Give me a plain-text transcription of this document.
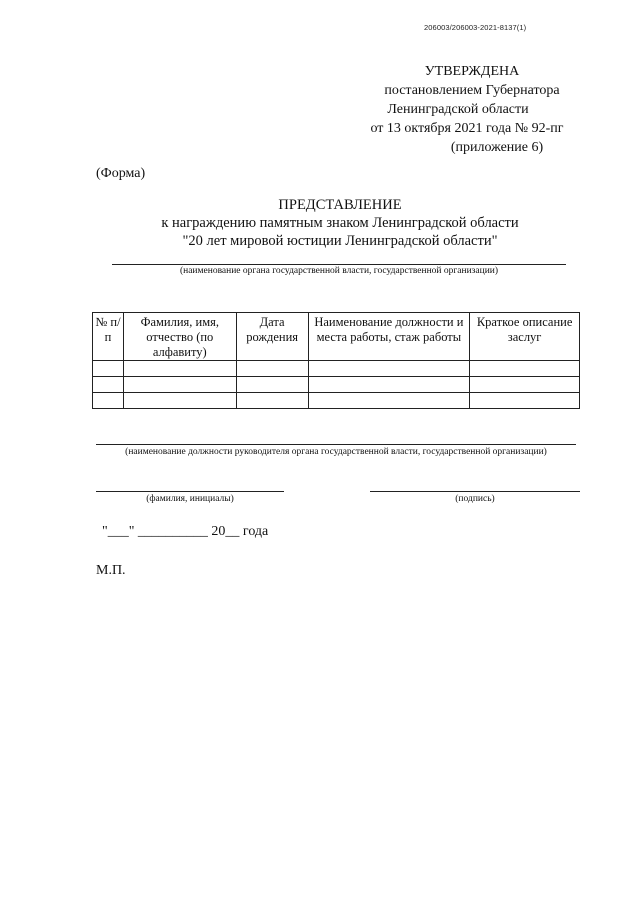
206003/206003-2021-8137(1)
УТВЕРЖДЕНА
постановлением Губернатора
Ленинградской области
от 13 октября 2021 года № 92-пг
(приложение 6)
(Форма)
ПРЕДСТАВЛЕНИЕ
к награждению памятным знаком Ленинградской области
"20 лет мировой юстиции Ленинградской области"
(наименование органа государственной власти, государственной организации)
№ п/п	Фамилия, имя, отчество (по алфавиту)	Дата рождения	Наименование должности и места работы, стаж работы	Краткое описание заслуг

(наименование должности руководителя органа государственной власти, государственной организации)
(фамилия, инициалы)	(подпись)
"___" __________ 20__ года
М.П.
